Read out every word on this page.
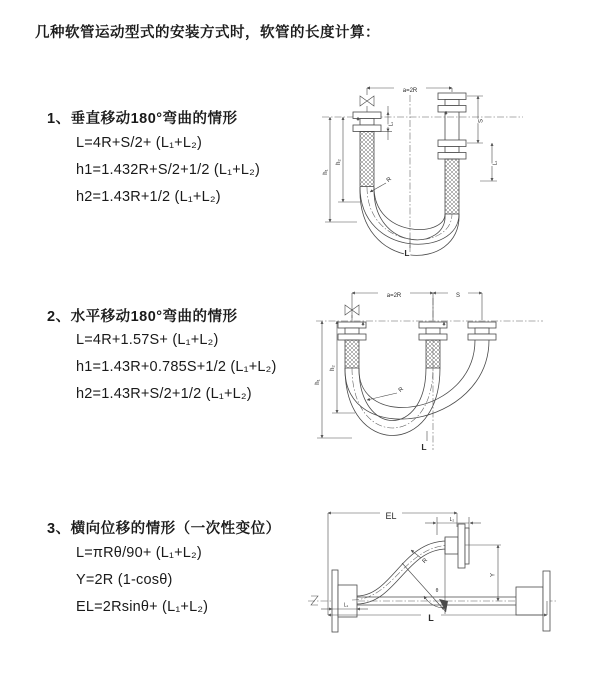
几种软管运动型式的安装方式时，软管的长度计算：
1、垂直移动180°弯曲的情形
L=4R+S/2+ (L₁+L₂)
h1=1.432R+S/2+1/2 (L₁+L₂)
h2=1.43R+1/2 (L₁+L₂)
a=2R
L₁
S
L₂
h₁
h₂
R
L
2、水平移动180°弯曲的情形
L=4R+1.57S+ (L₁+L₂)
h1=1.43R+0.785S+1/2 (L₁+L₂)
h2=1.43R+S/2+1/2 (L₁+L₂)
a=2R	S
h₁
h₂
R
L
3、横向位移的情形（一次性变位）
L=πRθ/90+ (L₁+L₂)
Y=2R (1-cosθ)
EL=2Rsinθ+ (L₁+L₂)
EL	L₂
L₁
R
θ
Y
L
